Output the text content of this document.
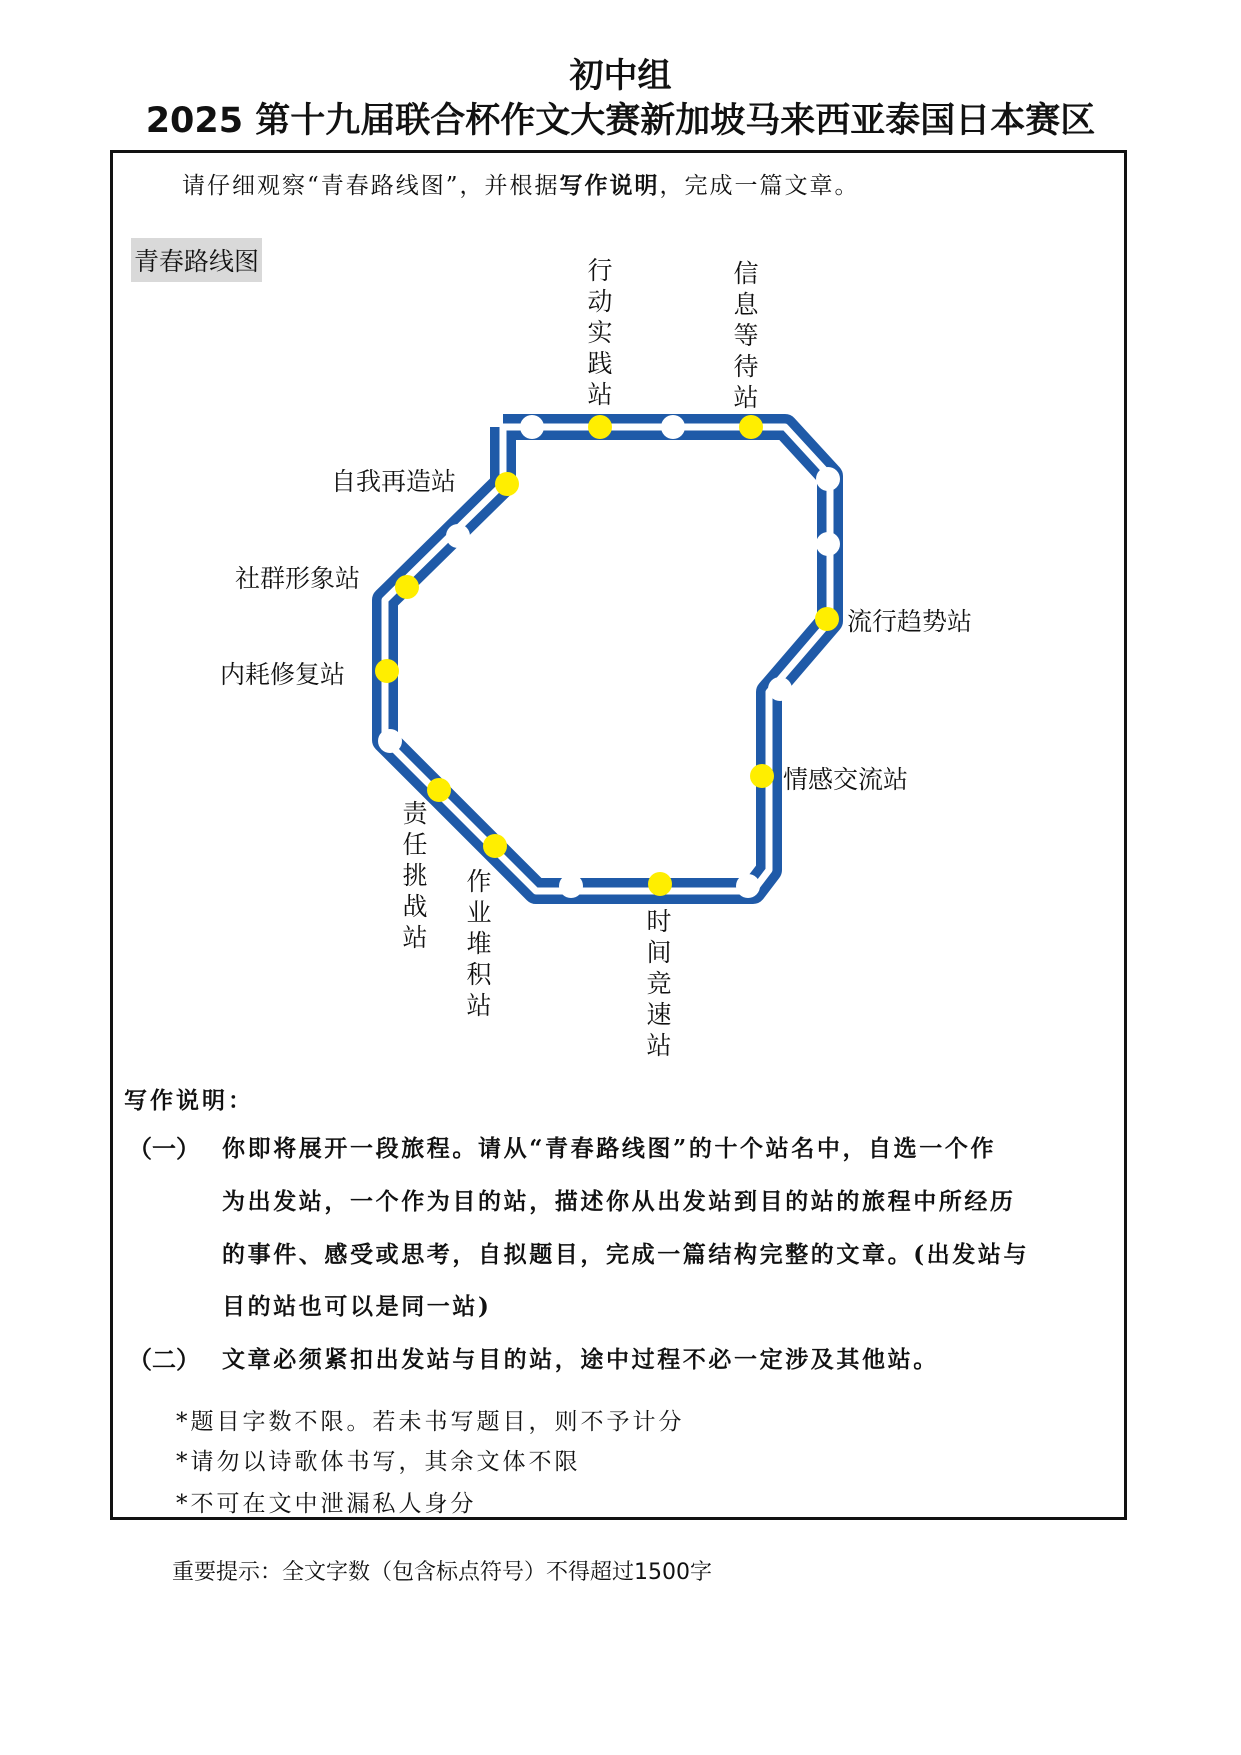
初中组
2025 第十九届联合杯作文大赛新加坡马来西亚泰国日本赛区
请仔细观察“青春路线图”，并根据写作说明，完成一篇文章。
青春路线图	行动实践站
信息等待站
自我再造站
社群形象站
内耗修复站
流行趋势站
情感交流站
责任挑战站
作业堆积站
时间竞速站
写作说明：
（一） 你即将展开一段旅程。请从“青春路线图”的十个站名中，自选一个作
为出发站，一个作为目的站，描述你从出发站到目的站的旅程中所经历
的事件、感受或思考，自拟题目，完成一篇结构完整的文章。(出发站与
目的站也可以是同一站)
（二） 文章必须紧扣出发站与目的站，途中过程不必一定涉及其他站。
*题目字数不限。若未书写题目，则不予计分
*请勿以诗歌体书写，其余文体不限
*不可在文中泄漏私人身分
重要提示：全文字数（包含标点符号）不得超过1500字
